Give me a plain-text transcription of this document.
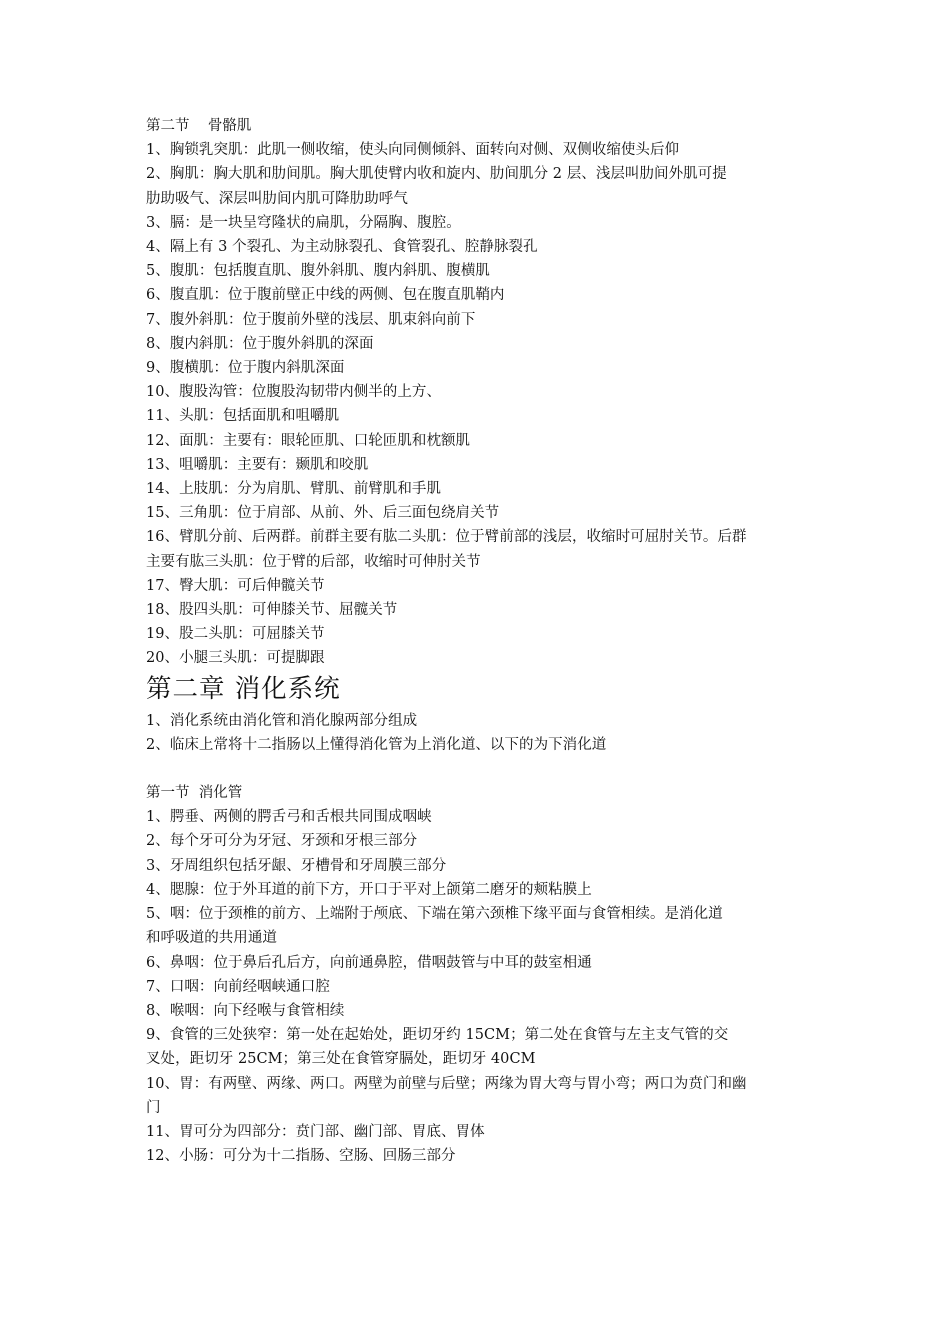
第二节    骨骼肌
1、胸锁乳突肌：此肌一侧收缩，使头向同侧倾斜、面转向对侧、双侧收缩使头后仰
2、胸肌：胸大肌和肋间肌。胸大肌使臂内收和旋内、肋间肌分 2 层、浅层叫肋间外肌可提
肋助吸气、深层叫肋间内肌可降肋助呼气
3、膈：是一块呈穹隆状的扁肌，分隔胸、腹腔。
4、隔上有 3 个裂孔、为主动脉裂孔、食管裂孔、腔静脉裂孔
5、腹肌：包括腹直肌、腹外斜肌、腹内斜肌、腹横肌
6、腹直肌：位于腹前壁正中线的两侧、包在腹直肌鞘内
7、腹外斜肌：位于腹前外壁的浅层、肌束斜向前下
8、腹内斜肌：位于腹外斜肌的深面
9、腹横肌：位于腹内斜肌深面
10、腹股沟管：位腹股沟韧带内侧半的上方、
11、头肌：包括面肌和咀嚼肌
12、面肌：主要有：眼轮匝肌、口轮匝肌和枕额肌
13、咀嚼肌：主要有：颞肌和咬肌
14、上肢肌：分为肩肌、臂肌、前臂肌和手肌
15、三角肌：位于肩部、从前、外、后三面包绕肩关节
16、臂肌分前、后两群。前群主要有肱二头肌：位于臂前部的浅层，收缩时可屈肘关节。后群
主要有肱三头肌：位于臂的后部，收缩时可伸肘关节
17、臀大肌：可后伸髋关节
18、股四头肌：可伸膝关节、屈髋关节
19、股二头肌：可屈膝关节
20、小腿三头肌：可提脚跟
第二章 消化系统
1、消化系统由消化管和消化腺两部分组成
2、临床上常将十二指肠以上懂得消化管为上消化道、以下的为下消化道
第一节  消化管
1、腭垂、两侧的腭舌弓和舌根共同围成咽峡
2、每个牙可分为牙冠、牙颈和牙根三部分
3、牙周组织包括牙龈、牙槽骨和牙周膜三部分
4、腮腺：位于外耳道的前下方，开口于平对上颌第二磨牙的颊粘膜上
5、咽：位于颈椎的前方、上端附于颅底、下端在第六颈椎下缘平面与食管相续。是消化道
和呼吸道的共用通道
6、鼻咽：位于鼻后孔后方，向前通鼻腔，借咽鼓管与中耳的鼓室相通
7、口咽：向前经咽峡通口腔
8、喉咽：向下经喉与食管相续
9、食管的三处狭窄：第一处在起始处，距切牙约 15CM；第二处在食管与左主支气管的交
叉处，距切牙 25CM；第三处在食管穿膈处，距切牙 40CM
10、胃：有两壁、两缘、两口。两壁为前壁与后壁；两缘为胃大弯与胃小弯；两口为贲门和幽
门
11、胃可分为四部分：贲门部、幽门部、胃底、胃体
12、小肠：可分为十二指肠、空肠、回肠三部分
